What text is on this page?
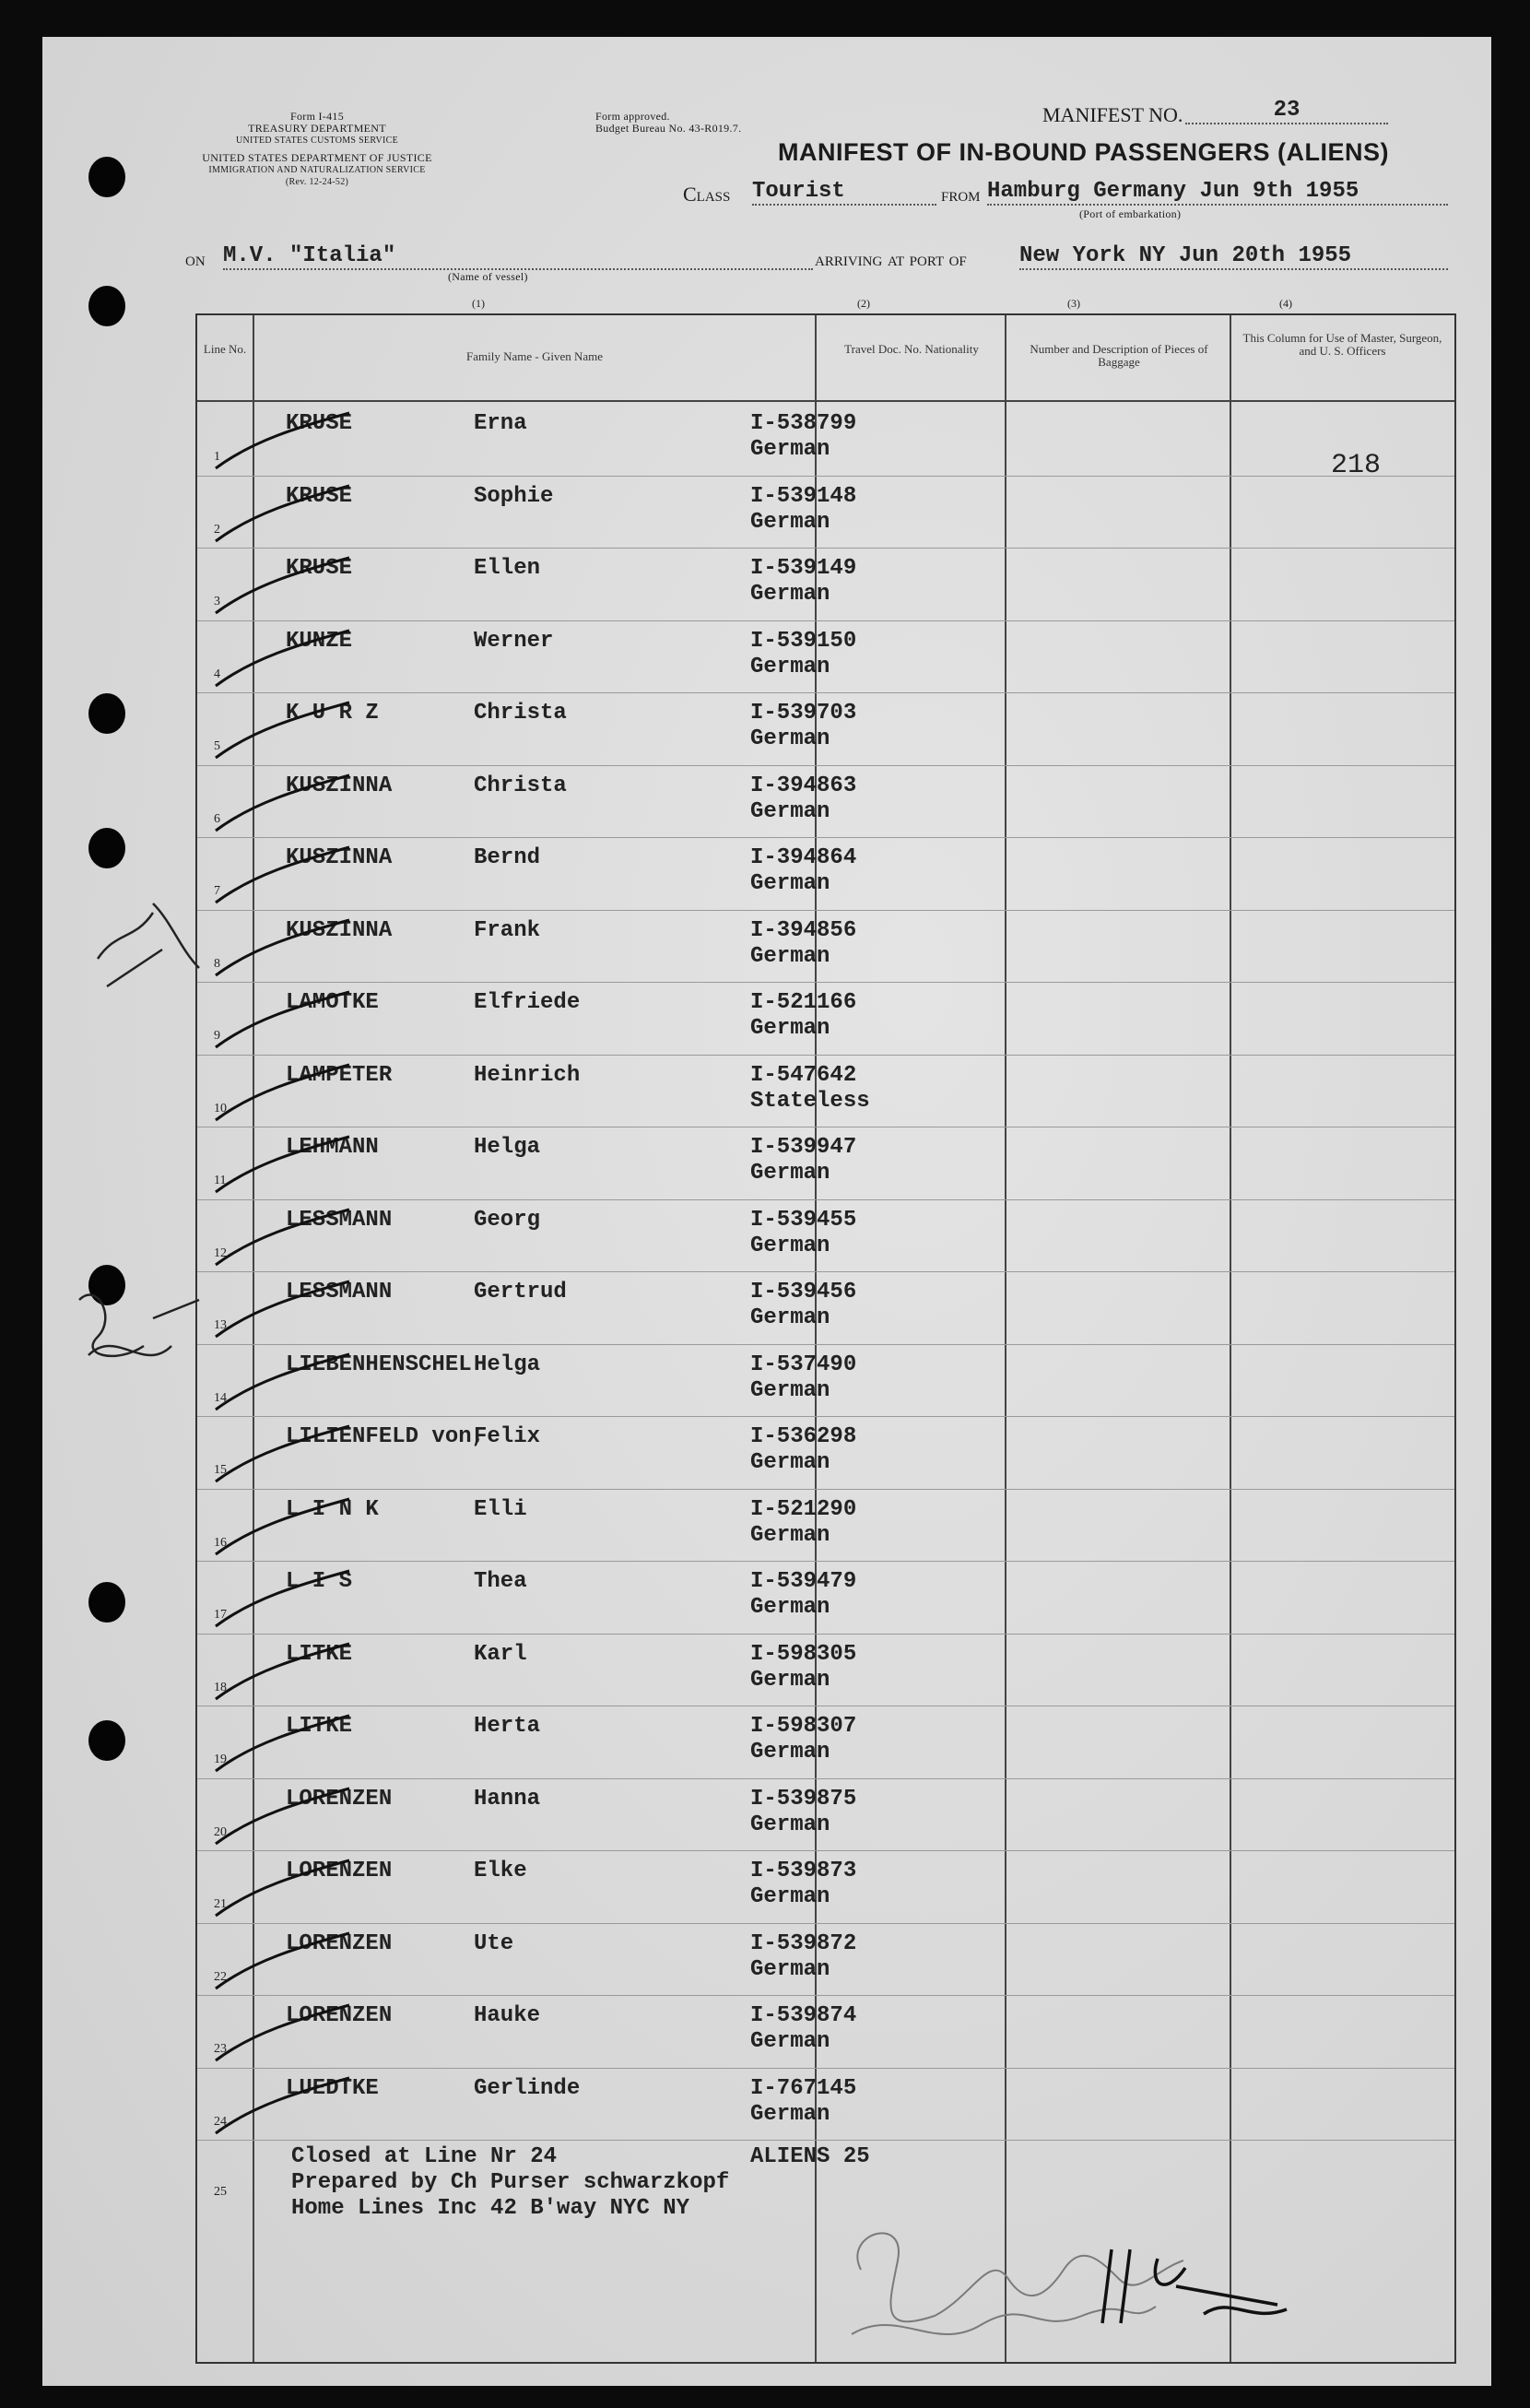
Form I-415
TREASURY DEPARTMENT
UNITED STATES CUSTOMS SERVICE
UNITED STATES DEPARTMENT OF JUSTICE
IMMIGRATION AND NATURALIZATION SERVICE
(Rev. 12-24-52)
Form approved.
Budget Bureau No. 43-R019.7.
MANIFEST NO.	23
MANIFEST OF IN-BOUND PASSENGERS (ALIENS)
Class Tourist	from Hamburg Germany Jun 9th 1955
(Port of embarkation)
on M.V. "Italia"
(Name of vessel)
arriving at port of New York NY Jun 20th 1955
(1)	(2)	(3)	(4)
Line No.
Family Name - Given Name
Travel Doc. No. Nationality	Number and Description of Pieces of Baggage
This Column for Use of Master, Surgeon, and U. S. Officers
218
1
KRUSE	Erna	I-538799
German
2
KRUSE	Sophie	I-539148
German
3
KRUSE	Ellen	I-539149
German
4
KUNZE	Werner	I-539150
German
5
K U R Z	Christa	I-539703
German
6
KUSZINNA	Christa	I-394863
German
7
KUSZINNA	Bernd	I-394864
German
8
KUSZINNA	Frank	I-394856
German
9
LAMOTKE	Elfriede	I-521166
German
10
LAMPETER	Heinrich	I-547642
Stateless
11
LEHMANN	Helga	I-539947
German
12
LESSMANN	Georg	I-539455
German
13
LESSMANN	Gertrud	I-539456
German
14
LIEBENHENSCHEL Helga	I-537490
German
15
LILIENFELD von,
Felix	I-536298
German
16
L I N K	Elli	I-521290
German
17
L I S	Thea	I-539479
German
18
LITKE	Karl	I-598305
German
19
LITKE	Herta	I-598307
German
20
LORENZEN	Hanna	I-539875
German
21
LORENZEN	Elke	I-539873
German
22
LORENZEN	Ute	I-539872
German
23
LORENZEN	Hauke	I-539874
German
24
LUEDTKE	Gerlinde	I-767145
German
25
Closed at Line Nr 24
Prepared by Ch Purser schwarzkopf
Home Lines Inc 42 B'way NYC NY
ALIENS 25
